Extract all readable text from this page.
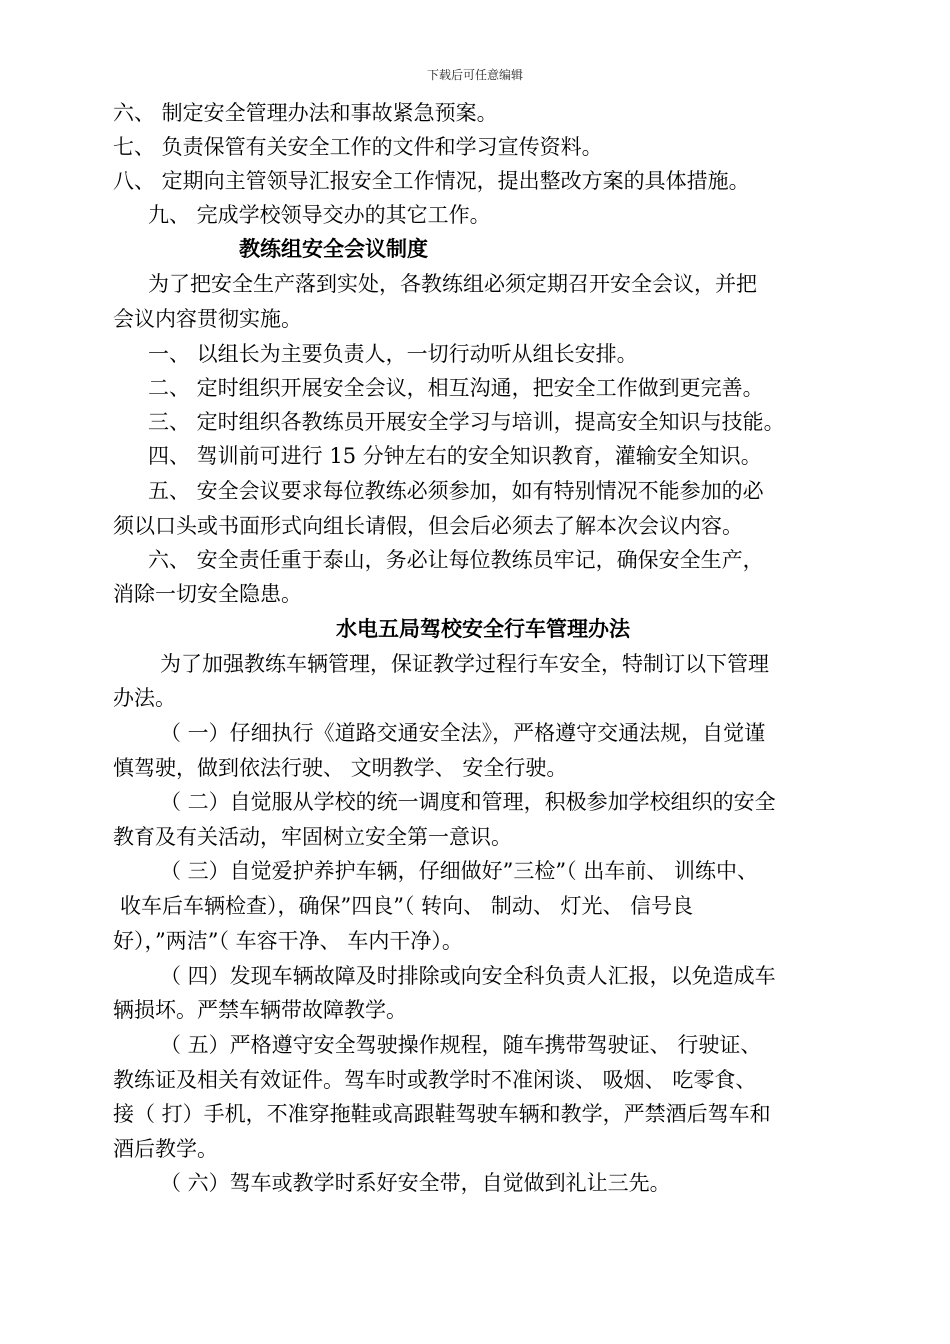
下载后可任意编辑
六、 制定安全管理办法和事故紧急预案。
七、 负责保管有关安全工作的文件和学习宣传资料。
八、 定期向主管领导汇报安全工作情况，提出整改方案的具体措施。
九、 完成学校领导交办的其它工作。
教练组安全会议制度
为了把安全生产落到实处，各教练组必须定期召开安全会议，并把
会议内容贯彻实施。
一、 以组长为主要负责人，一切行动听从组长安排。
二、 定时组织开展安全会议，相互沟通，把安全工作做到更完善。
三、 定时组织各教练员开展安全学习与培训，提高安全知识与技能。
四、 驾训前可进行 15 分钟左右的安全知识教育，灌输安全知识。
五、 安全会议要求每位教练必须参加，如有特别情况不能参加的必
须以口头或书面形式向组长请假，但会后必须去了解本次会议内容。
六、 安全责任重于泰山，务必让每位教练员牢记，确保安全生产，
消除一切安全隐患。
水电五局驾校安全行车管理办法
为了加强教练车辆管理，保证教学过程行车安全，特制订以下管理
办法。
（ 一）仔细执行《道路交通安全法》，严格遵守交通法规，自觉谨
慎驾驶，做到依法行驶、 文明教学、 安全行驶。
（ 二）自觉服从学校的统一调度和管理，积极参加学校组织的安全
教育及有关活动，牢固树立安全第一意识。
（ 三）自觉爱护养护车辆，仔细做好”三检”（ 出车前、 训练中、
收车后车辆检查），确保”四良”（ 转向、 制动、 灯光、 信号良
好），”两洁”（ 车容干净、 车内干净）。
（ 四）发现车辆故障及时排除或向安全科负责人汇报，以免造成车
辆损坏。严禁车辆带故障教学。
（ 五）严格遵守安全驾驶操作规程，随车携带驾驶证、 行驶证、
教练证及相关有效证件。驾车时或教学时不准闲谈、 吸烟、 吃零食、
接（ 打）手机，不准穿拖鞋或高跟鞋驾驶车辆和教学，严禁酒后驾车和
酒后教学。
（ 六）驾车或教学时系好安全带，自觉做到礼让三先。
